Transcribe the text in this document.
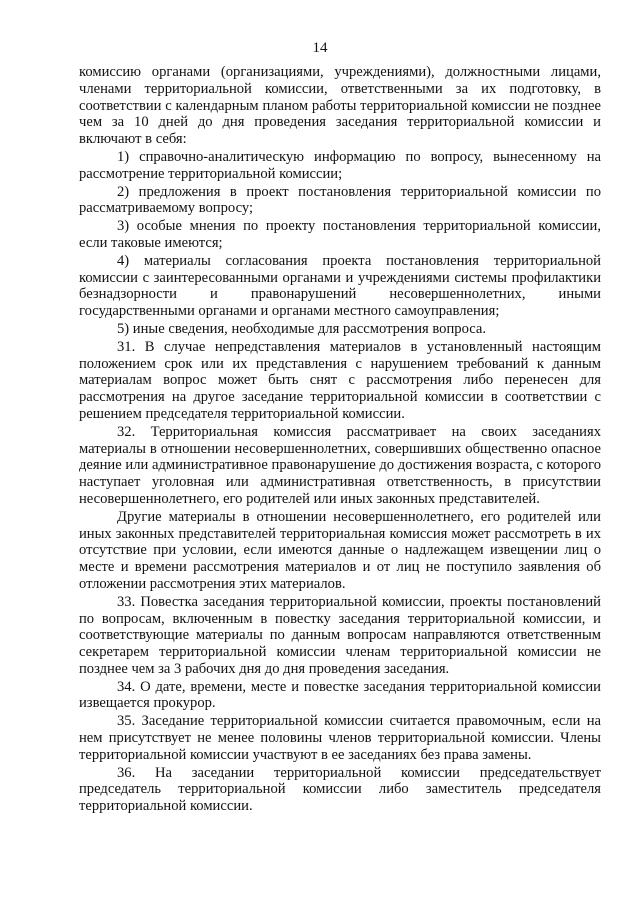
14

комиссию органами (организациями, учреждениями), должностными лицами, членами территориальной комиссии, ответственными за их подготовку, в соответствии с календарным планом работы территориальной комиссии не позднее чем за 10 дней до дня проведения заседания территориальной комиссии и включают в себя:

1) справочно-аналитическую информацию по вопросу, вынесенному на рассмотрение территориальной комиссии;

2) предложения в проект постановления территориальной комиссии по рассматриваемому вопросу;

3) особые мнения по проекту постановления территориальной комиссии, если таковые имеются;

4) материалы согласования проекта постановления территориальной комиссии с заинтересованными органами и учреждениями системы профилактики безнадзорности и правонарушений несовершеннолетних, иными государственными органами и органами местного самоуправления;

5) иные сведения, необходимые для рассмотрения вопроса.

31. В случае непредставления материалов в установленный настоящим положением срок или их представления с нарушением требований к данным материалам вопрос может быть снят с рассмотрения либо перенесен для рассмотрения на другое заседание территориальной комиссии в соответствии с решением председателя территориальной комиссии.

32. Территориальная комиссия рассматривает на своих заседаниях материалы в отношении несовершеннолетних, совершивших общественно опасное деяние или административное правонарушение до достижения возраста, с которого наступает уголовная или административная ответственность, в присутствии несовершеннолетнего, его родителей или иных законных представителей.

Другие материалы в отношении несовершеннолетнего, его родителей или иных законных представителей территориальная комиссия может рассмотреть в их отсутствие при условии, если имеются данные о надлежащем извещении лиц о месте и времени рассмотрения материалов и от лиц не поступило заявления об отложении рассмотрения этих материалов.

33. Повестка заседания территориальной комиссии, проекты постановлений по вопросам, включенным в повестку заседания территориальной комиссии, и соответствующие материалы по данным вопросам направляются ответственным секретарем территориальной комиссии членам территориальной комиссии не позднее чем за 3 рабочих дня до дня проведения заседания.

34. О дате, времени, месте и повестке заседания территориальной комиссии извещается прокурор.

35. Заседание территориальной комиссии считается правомочным, если на нем присутствует не менее половины членов территориальной комиссии. Члены территориальной комиссии участвуют в ее заседаниях без права замены.

36. На заседании территориальной комиссии председательствует председатель территориальной комиссии либо заместитель председателя территориальной комиссии.
